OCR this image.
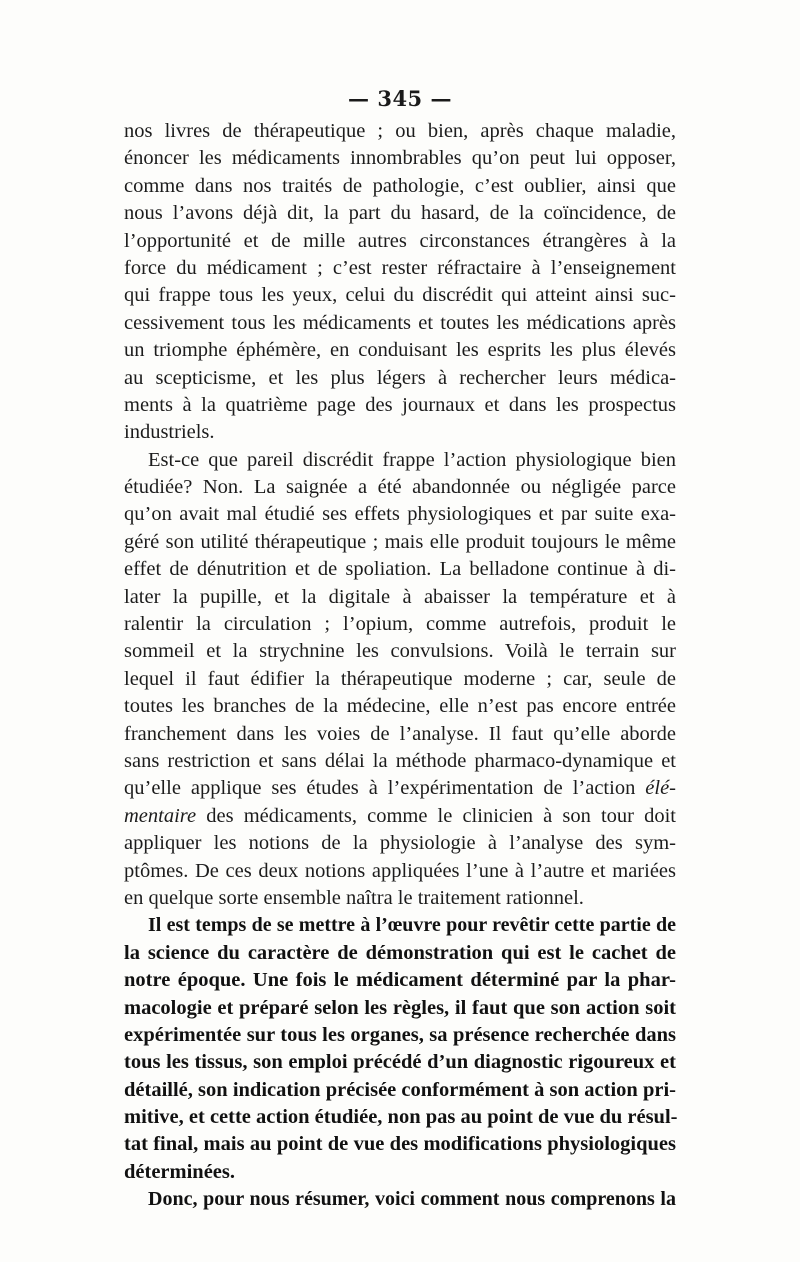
— 345 —
nos livres de thérapeutique ; ou bien, après chaque maladie,
énoncer les médicaments innombrables qu’on peut lui opposer,
comme dans nos traités de pathologie, c’est oublier, ainsi que
nous l’avons déjà dit, la part du hasard, de la coïncidence, de
l’opportunité et de mille autres circonstances étrangères à la
force du médicament ; c’est rester réfractaire à l’enseignement
qui frappe tous les yeux, celui du discrédit qui atteint ainsi suc-
cessivement tous les médicaments et toutes les médications après
un triomphe éphémère, en conduisant les esprits les plus élevés
au scepticisme, et les plus légers à rechercher leurs médica-
ments à la quatrième page des journaux et dans les prospectus
industriels.
Est-ce que pareil discrédit frappe l’action physiologique bien
étudiée? Non. La saignée a été abandonnée ou négligée parce
qu’on avait mal étudié ses effets physiologiques et par suite exa-
géré son utilité thérapeutique ; mais elle produit toujours le même
effet de dénutrition et de spoliation. La belladone continue à di-
later la pupille, et la digitale à abaisser la température et à
ralentir la circulation ; l’opium, comme autrefois, produit le
sommeil et la strychnine les convulsions. Voilà le terrain sur
lequel il faut édifier la thérapeutique moderne ; car, seule de
toutes les branches de la médecine, elle n’est pas encore entrée
franchement dans les voies de l’analyse. Il faut qu’elle aborde
sans restriction et sans délai la méthode pharmaco-dynamique et
qu’elle applique ses études à l’expérimentation de l’action élé-
mentaire des médicaments, comme le clinicien à son tour doit
appliquer les notions de la physiologie à l’analyse des sym-
ptômes. De ces deux notions appliquées l’une à l’autre et mariées
en quelque sorte ensemble naîtra le traitement rationnel.
Il est temps de se mettre à l’œuvre pour revêtir cette partie de
la science du caractère de démonstration qui est le cachet de
notre époque. Une fois le médicament déterminé par la phar-
macologie et préparé selon les règles, il faut que son action soit
expérimentée sur tous les organes, sa présence recherchée dans
tous les tissus, son emploi précédé d’un diagnostic rigoureux et
détaillé, son indication précisée conformément à son action pri-
mitive, et cette action étudiée, non pas au point de vue du résul-
tat final, mais au point de vue des modifications physiologiques
déterminées.
Donc, pour nous résumer, voici comment nous comprenons la
